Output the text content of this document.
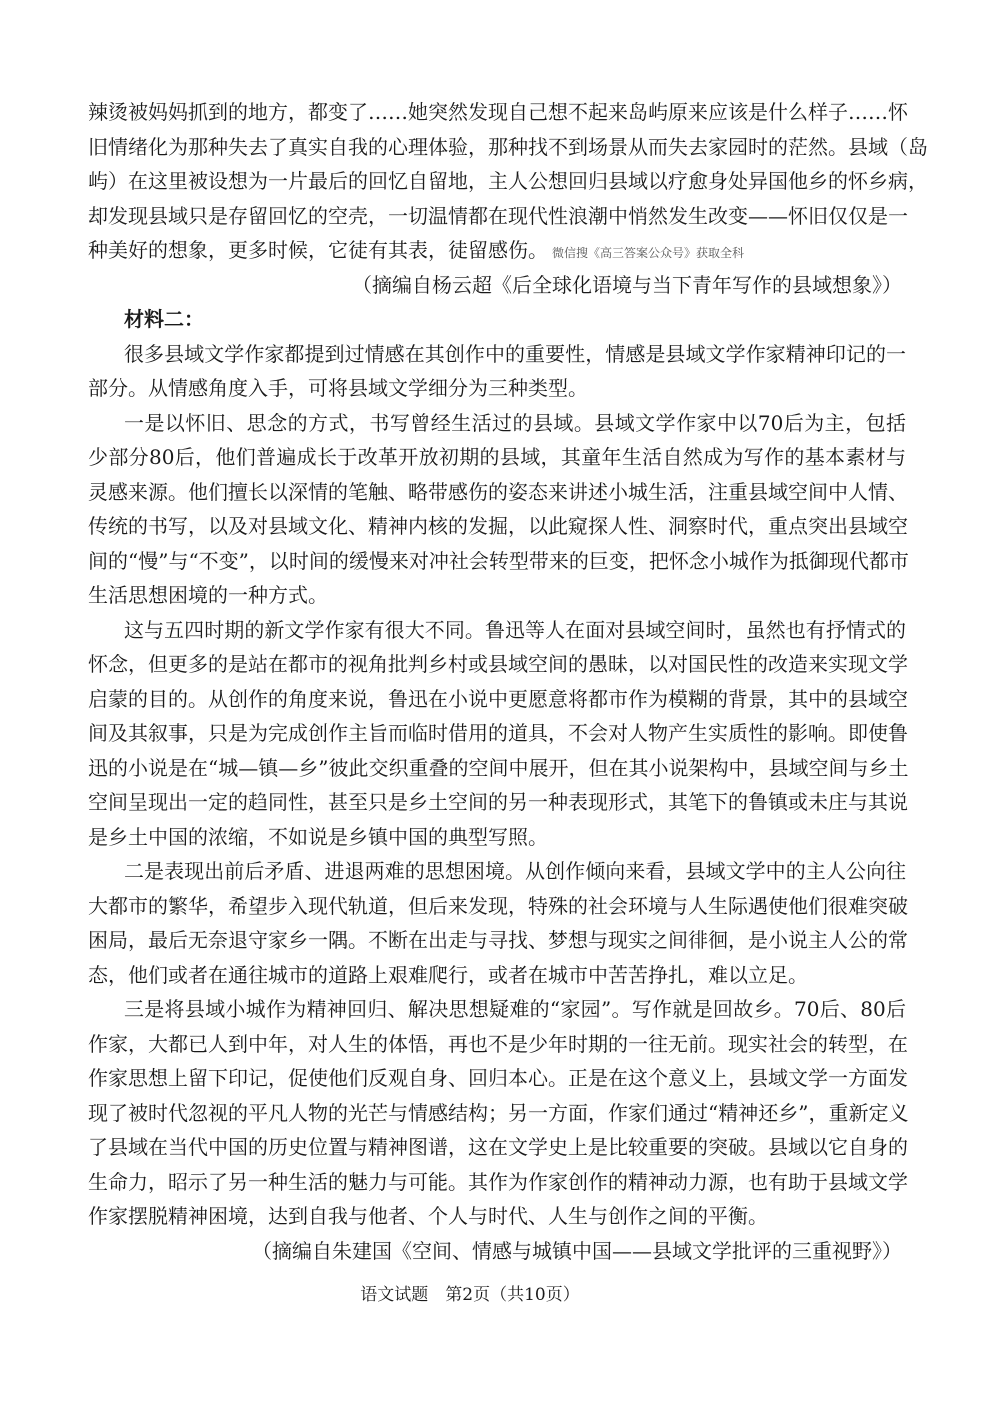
辣烫被妈妈抓到的地方，都变了……她突然发现自己想不起来岛屿原来应该是什么样子……怀
旧情绪化为那种失去了真实自我的心理体验，那种找不到场景从而失去家园时的茫然。县域（岛
屿）在这里被设想为一片最后的回忆自留地，主人公想回归县域以疗愈身处异国他乡的怀乡病，
却发现县域只是存留回忆的空壳，一切温情都在现代性浪潮中悄然发生改变——怀旧仅仅是一
种美好的想象，更多时候，它徒有其表，徒留感伤。 微信搜《高三答案公众号》获取全科
（摘编自杨云超《后全球化语境与当下青年写作的县域想象》）
材料二：
很多县域文学作家都提到过情感在其创作中的重要性，情感是县域文学作家精神印记的一
部分。从情感角度入手，可将县域文学细分为三种类型。
一是以怀旧、思念的方式，书写曾经生活过的县域。县域文学作家中以70后为主，包括
少部分80后，他们普遍成长于改革开放初期的县域，其童年生活自然成为写作的基本素材与
灵感来源。他们擅长以深情的笔触、略带感伤的姿态来讲述小城生活，注重县域空间中人情、
传统的书写，以及对县域文化、精神内核的发掘，以此窥探人性、洞察时代，重点突出县域空
间的“慢”与“不变”，以时间的缓慢来对冲社会转型带来的巨变，把怀念小城作为抵御现代都市
生活思想困境的一种方式。
这与五四时期的新文学作家有很大不同。鲁迅等人在面对县域空间时，虽然也有抒情式的
怀念，但更多的是站在都市的视角批判乡村或县域空间的愚昧，以对国民性的改造来实现文学
启蒙的目的。从创作的角度来说，鲁迅在小说中更愿意将都市作为模糊的背景，其中的县域空
间及其叙事，只是为完成创作主旨而临时借用的道具，不会对人物产生实质性的影响。即使鲁
迅的小说是在“城—镇—乡”彼此交织重叠的空间中展开，但在其小说架构中，县域空间与乡土
空间呈现出一定的趋同性，甚至只是乡土空间的另一种表现形式，其笔下的鲁镇或未庄与其说
是乡土中国的浓缩，不如说是乡镇中国的典型写照。
二是表现出前后矛盾、进退两难的思想困境。从创作倾向来看，县域文学中的主人公向往
大都市的繁华，希望步入现代轨道，但后来发现，特殊的社会环境与人生际遇使他们很难突破
困局，最后无奈退守家乡一隅。不断在出走与寻找、梦想与现实之间徘徊，是小说主人公的常
态，他们或者在通往城市的道路上艰难爬行，或者在城市中苦苦挣扎，难以立足。
三是将县域小城作为精神回归、解决思想疑难的“家园”。写作就是回故乡。70后、80后
作家，大都已人到中年，对人生的体悟，再也不是少年时期的一往无前。现实社会的转型，在
作家思想上留下印记，促使他们反观自身、回归本心。正是在这个意义上，县域文学一方面发
现了被时代忽视的平凡人物的光芒与情感结构；另一方面，作家们通过“精神还乡”，重新定义
了县域在当代中国的历史位置与精神图谱，这在文学史上是比较重要的突破。县域以它自身的
生命力，昭示了另一种生活的魅力与可能。其作为作家创作的精神动力源，也有助于县域文学
作家摆脱精神困境，达到自我与他者、个人与时代、人生与创作之间的平衡。
（摘编自朱建国《空间、情感与城镇中国——县域文学批评的三重视野》）
语文试题　第2页（共10页）
